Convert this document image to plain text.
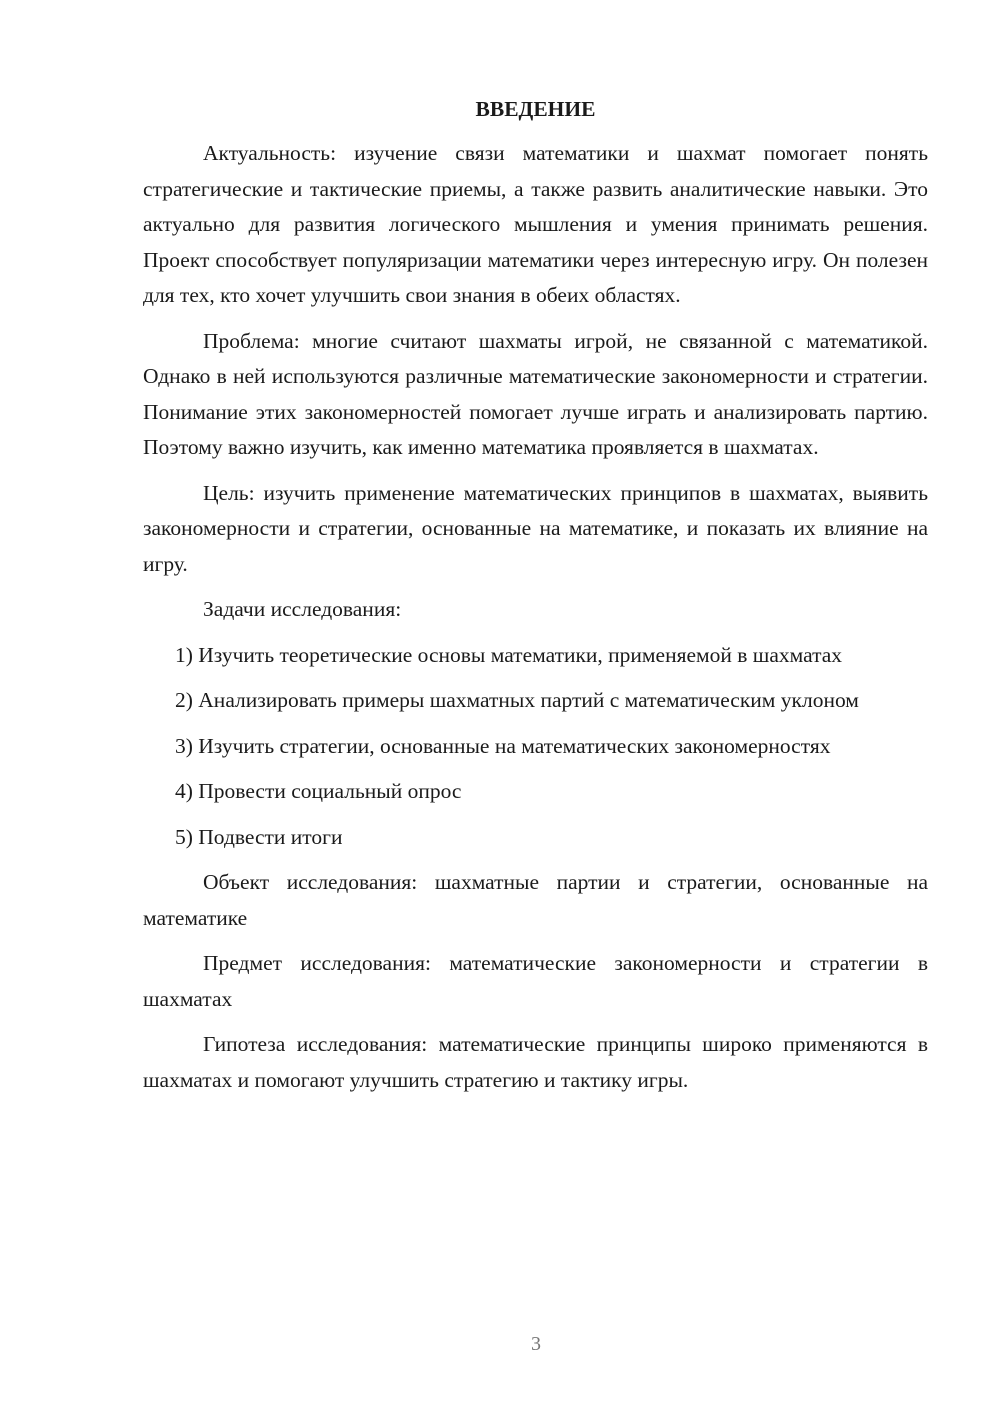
ВВЕДЕНИЕ

Актуальность: изучение связи математики и шахмат помогает понять стратегические и тактические приемы, а также развить аналитические навыки. Это актуально для развития логического мышления и умения принимать решения. Проект способствует популяризации математики через интересную игру. Он полезен для тех, кто хочет улучшить свои знания в обеих областях.

Проблема: многие считают шахматы игрой, не связанной с математикой. Однако в ней используются различные математические закономерности и стратегии. Понимание этих закономерностей помогает лучше играть и анализировать партию. Поэтому важно изучить, как именно математика проявляется в шахматах.

Цель: изучить применение математических принципов в шахматах, выявить закономерности и стратегии, основанные на математике, и показать их влияние на игру.

Задачи исследования:

1) Изучить теоретические основы математики, применяемой в шахматах

2) Анализировать примеры шахматных партий с математическим уклоном

3) Изучить стратегии, основанные на математических закономерностях

4) Провести социальный опрос

5) Подвести итоги

Объект исследования: шахматные партии и стратегии, основанные на математике

Предмет исследования: математические закономерности и стратегии в шахматах

Гипотеза исследования: математические принципы широко применяются в шахматах и помогают улучшить стратегию и тактику игры.

3
